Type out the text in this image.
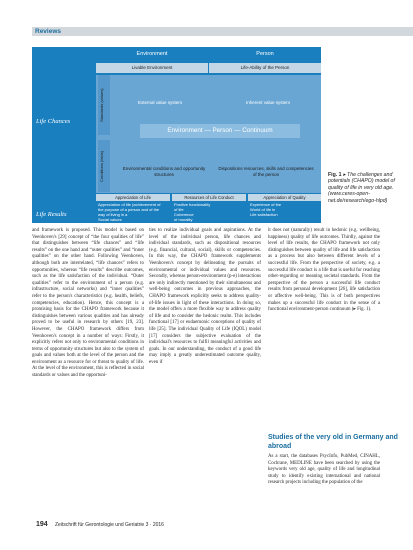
Reviews
Life Chances
Life Results
Environment	Person
Livable Environment	Life-Ability of the Person
Standards (values)
Conditions (facts)
External value system	Inherent value system
Environment — Person — Continuum
Environmental conditions and opportunity structures
Dispositions resources, skills and competencies of the person
Appreciation of Life
Appreciation of life (achievement of
the purpose of a person and of the
way of living in a
Social values
Resources of Life Conduct
Positive functionality
of life
Coherence
of morality
Satisfaction with life
Appreciation of Quality
Experience of the
World of life in
Life satisfaction
Fig. 1 ▸ The challenges and potentials (CHAPO) model of quality of life in very old age. (www.ceres-open-net.de/research/ego-hlpd)

and framework is proposed. This model is based on Veenhoven's [29] concept of “the four qualities of life” that distinguishes between “life chances” and “life results” on the one hand and “outer qualities” and “inner qualities” on the other hand. Following Veenhoven, although both are interrelated, “life chances” refers to opportunities, whereas “life results” describe outcomes, such as the life satisfaction of the individual. “Outer qualities” refer to the environment of a person (e.g. infrastructure, social networks) and “inner qualities” refer to the person's characteristics (e.g. health, beliefs, competencies, education). Hence, this concept is a promising basis for the CHAPO framework because it distinguishes between various qualities and has already proved to be useful in research by others [19, 23]. However, the CHAPO framework differs from Veenhoven's concept in a number of ways: Firstly, it explicitly refers not only to environmental conditions in terms of opportunity structures but also to the system of goals and values both at the level of the person and the environment as a resource for or threat to quality of life. At the level of the environment, this is reflected in social standards or values and the opportuni-

ties to realize individual goals and aspirations. At the level of the individual person, life chances and individual standards, such as dispositional resources (e.g. financial, cultural, social), skills or competencies. In this way, the CHAPO framework supplements Veenhoven's concept by delineating the pursuits of environmental or individual values and resources. Secondly, whereas person-environment (p-e) interactions are only indirectly mentioned by their simultaneous and well-being outcomes in previous approaches, the CHAPO framework explicitly seeks to address quality-of-life issues in light of these interactions. In doing so, the model offers a more flexible way to address quality of life and to consider the hedonic realm. This includes functional [17] or eudaemonic conceptions of quality of life [25]. The individual Quality of Life (IQOL) model [17] considers the subjective evaluation of the individual's resources to fulfil meaningful activities and goals. In our understanding, the conduct of a good life may imply a greatly underestimated outcome quality, even if

it does not (naturally) result in hedonic (e.g. wellbeing, happiness) quality of life outcomes. Thirdly, against the level of life results, the CHAPO framework not only distinguishes between quality of life and life satisfaction as a process but also between different levels of a successful life. From the perspective of society, e.g. a successful life conduct is a life that is useful for reaching other-regarding or meaning societal standards. From the perspective of the person a successful life conduct results from personal development [26], life satisfaction or affective well-being. This is of both perspectives makes up a successful life conduct in the sense of a functional environment-person continuum (▸ Fig. 1).

Studies of the very old in Germany and abroad
As a start, the databases PsycInfo, PubMed, CINAHL, Cochrane, MEDLINE have been searched by using the keywords very old age, quality of life and longitudinal study to identify existing international and national research projects including the population of the
194 Zeitschrift für Gerontologie und Geriatrie 3 · 2016
